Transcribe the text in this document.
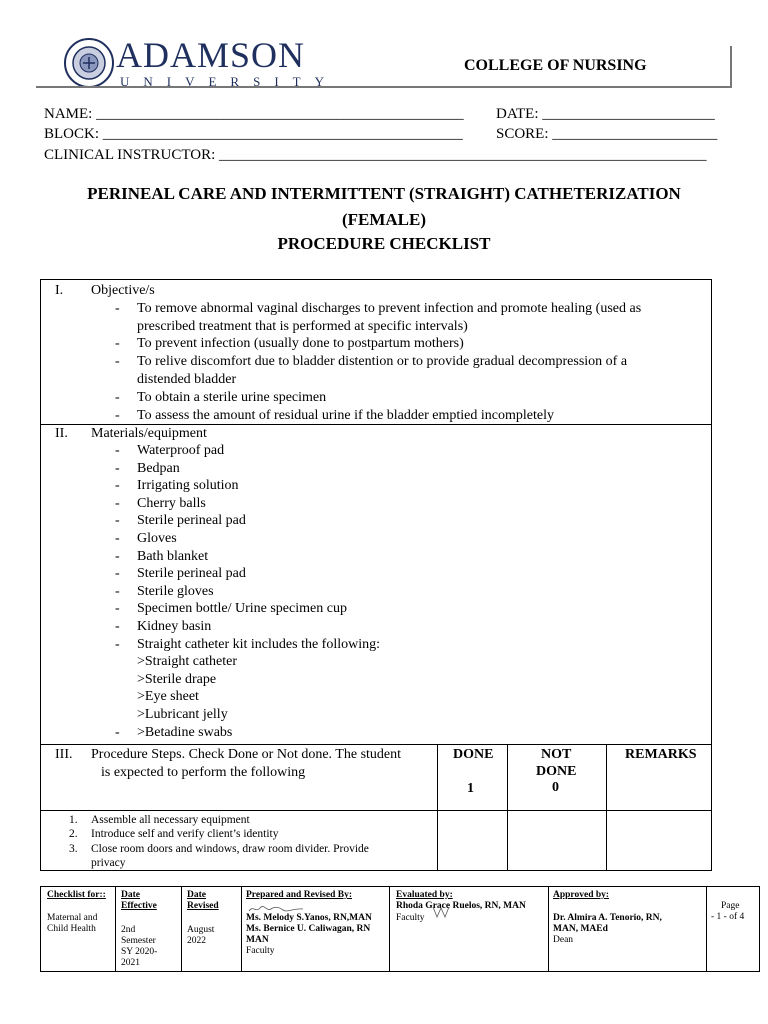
ADAMSON
UNIVERSITY
COLLEGE OF NURSING
NAME: _________________________________________________ DATE: _______________________
BLOCK: ________________________________________________ SCORE: ______________________
CLINICAL INSTRUCTOR: _________________________________________________________________
PERINEAL CARE AND INTERMITTENT (STRAIGHT) CATHETERIZATION
(FEMALE)
PROCEDURE CHECKLIST
I. Objective/s
- To remove abnormal vaginal discharges to prevent infection and promote healing (used as
prescribed treatment that is performed at specific intervals)
- To prevent infection (usually done to postpartum mothers)
- To relive discomfort due to bladder distention or to provide gradual decompression of a
distended bladder
- To obtain a sterile urine specimen
- To assess the amount of residual urine if the bladder emptied incompletely
II. Materials/equipment
- Waterproof pad
- Bedpan
- Irrigating solution
- Cherry balls
- Sterile perineal pad
- Gloves
- Bath blanket
- Sterile perineal pad
- Sterile gloves
- Specimen bottle/ Urine specimen cup
- Kidney basin
- Straight catheter kit includes the following:
>Straight catheter
>Sterile drape
>Eye sheet
>Lubricant jelly
- >Betadine swabs
III. Procedure Steps. Check Done or Not done. The student
is expected to perform the following
DONE
1
NOT
DONE
0
REMARKS
1. Assemble all necessary equipment
2. Introduce self and verify client’s identity
3. Close room doors and windows, draw room divider. Provide
privacy
Checklist for::
Maternal and
Child Health
Date
Effective
2nd
Semester
SY 2020-
2021
Date
Revised
August
2022
Prepared and Revised By:
Ms. Melody S.Yanos, RN,MAN
Ms. Bernice U. Caliwagan, RN
MAN
Faculty
Evaluated by:
Rhoda Grace Ruelos, RN, MAN
Faculty
Approved by:
Dr. Almira A. Tenorio, RN,
MAN, MAEd
Dean
Page
- 1 - of 4
